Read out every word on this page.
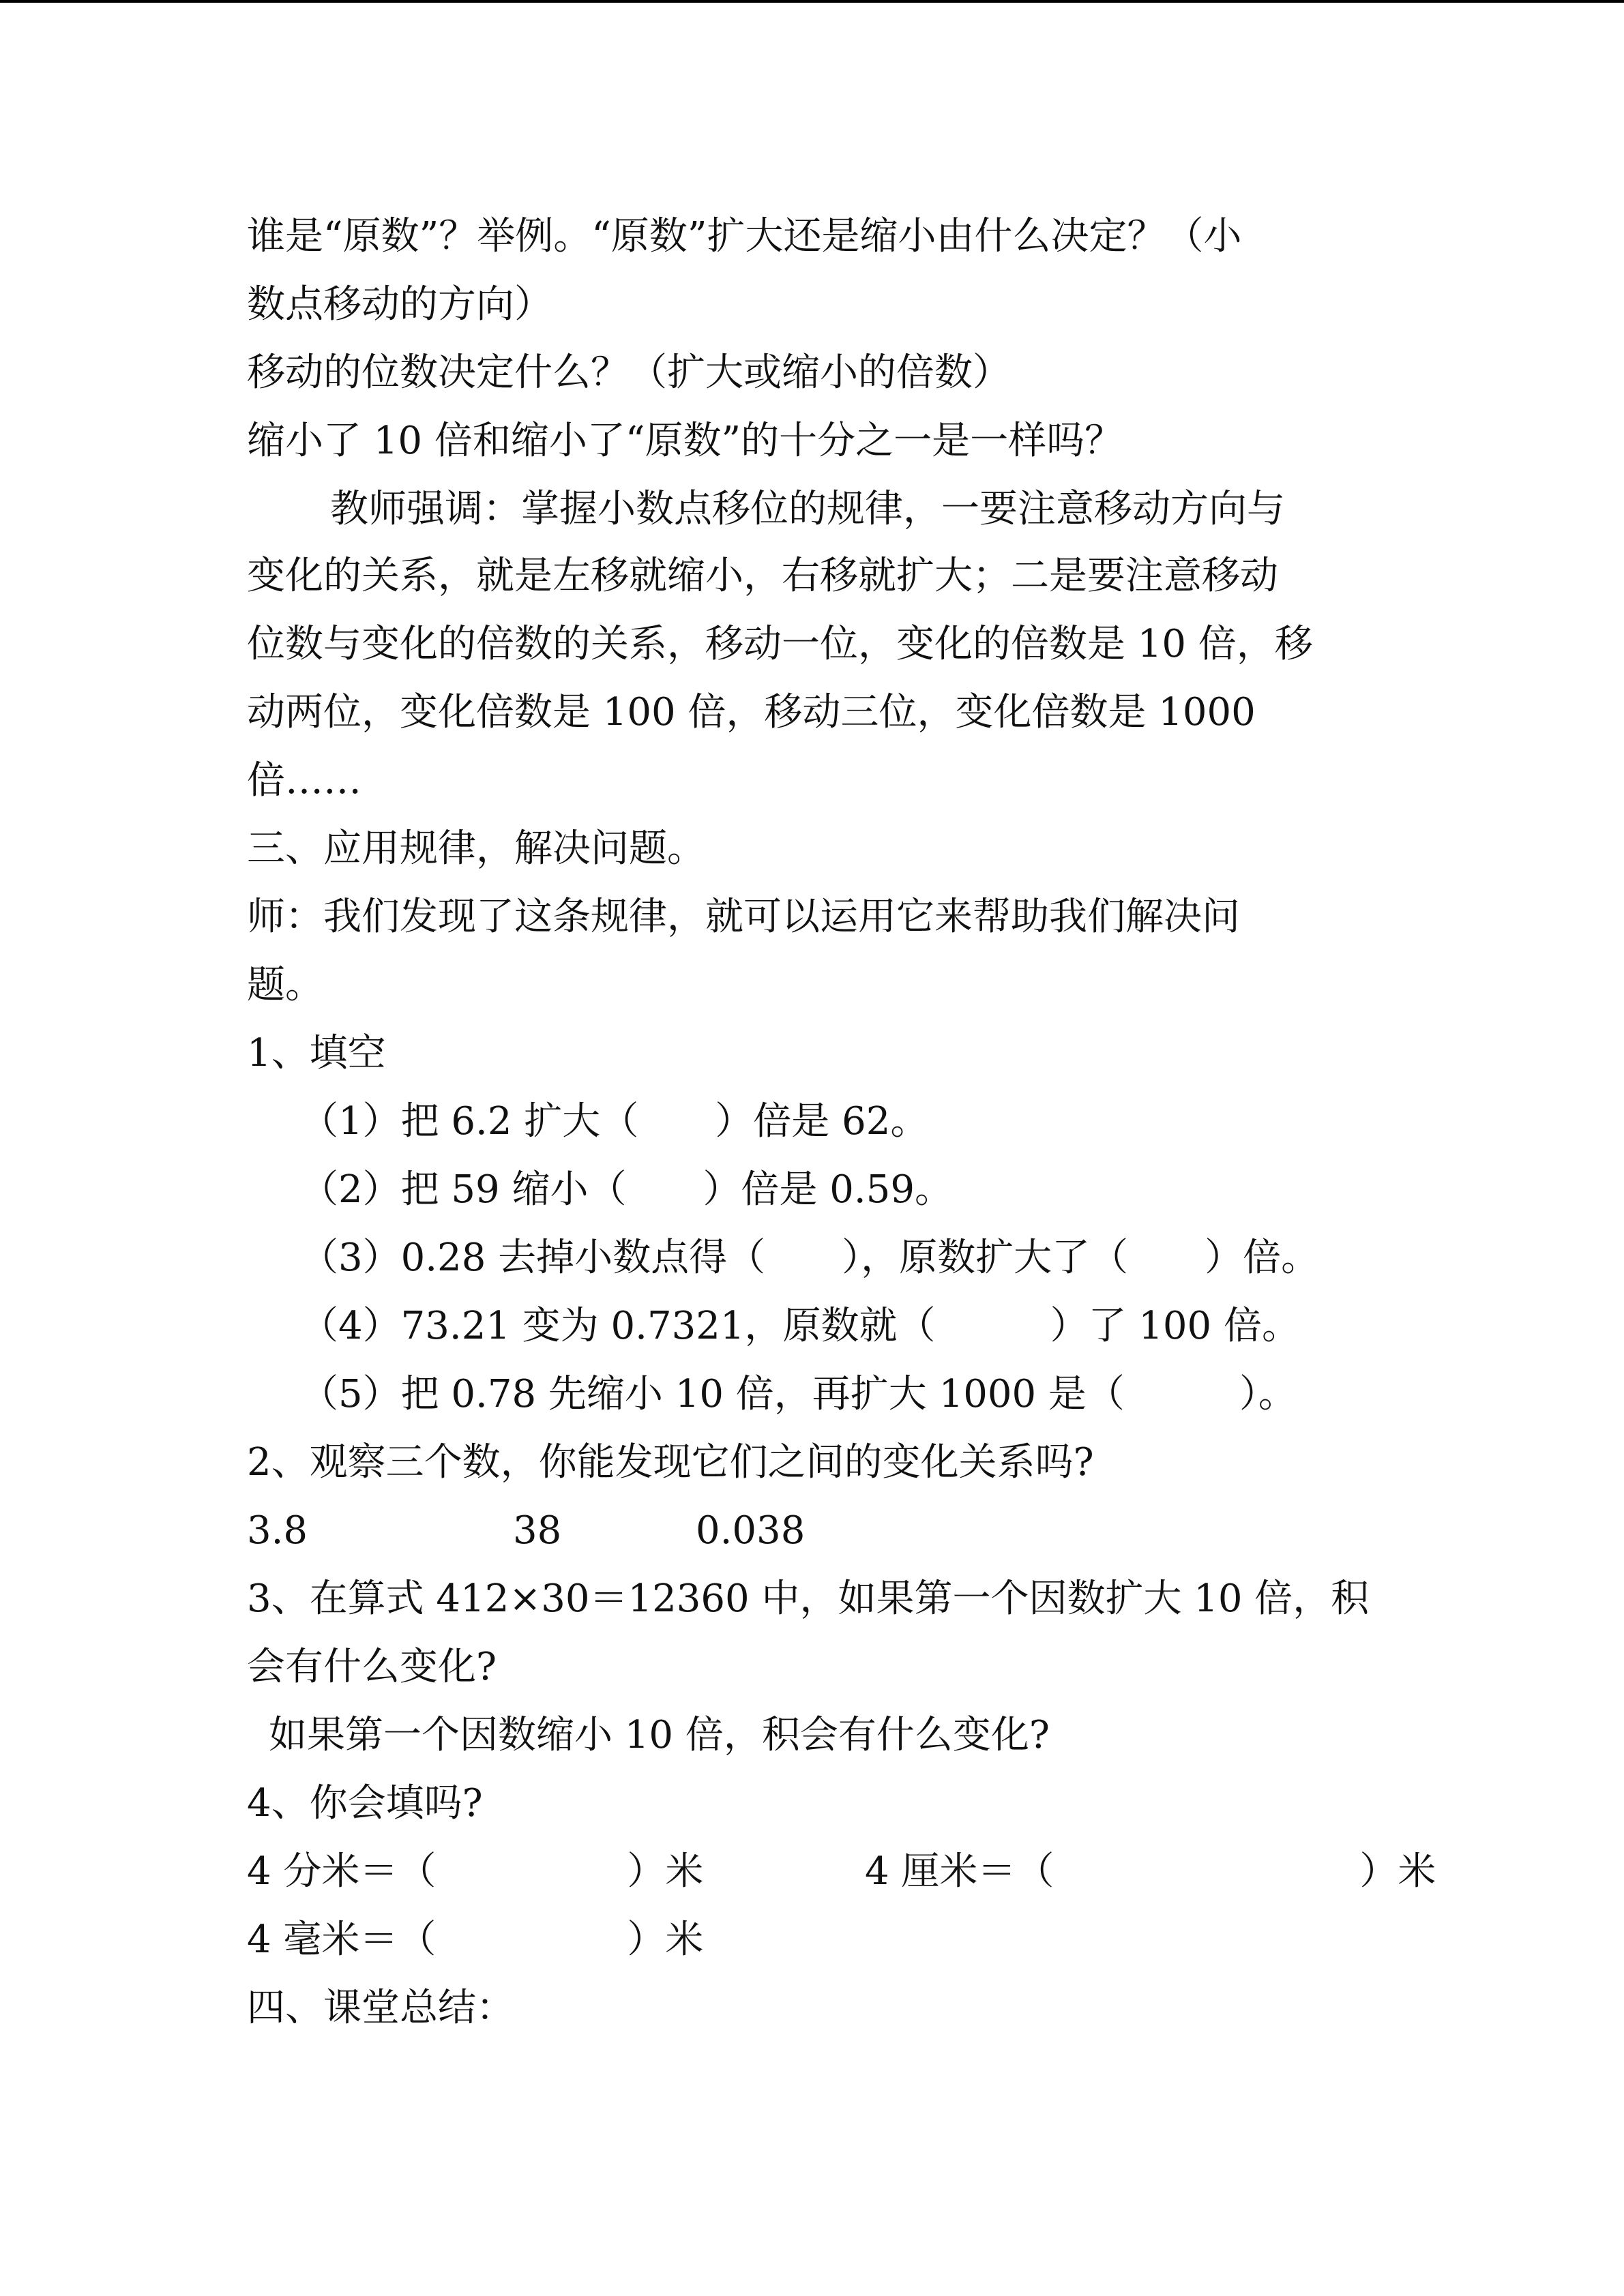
谁是“原数”？举例。“原数”扩大还是缩小由什么决定？（小
数点移动的方向）
移动的位数决定什么？（扩大或缩小的倍数）
缩小了 10 倍和缩小了“原数”的十分之一是一样吗？
教师强调：掌握小数点移位的规律，一要注意移动方向与
变化的关系，就是左移就缩小，右移就扩大；二是要注意移动
位数与变化的倍数的关系，移动一位，变化的倍数是 10 倍，移
动两位，变化倍数是 100 倍，移动三位，变化倍数是 1000
倍……
三、应用规律，解决问题。
师：我们发现了这条规律，就可以运用它来帮助我们解决问
题。
1、填空
（1）把 6.2 扩大（　　）倍是 62。
（2）把 59 缩小（　　）倍是 0.59。
（3）0.28 去掉小数点得（　　），原数扩大了（　　）倍。
（4）73.21 变为 0.7321，原数就（　　　）了 100 倍。
（5）把 0.78 先缩小 10 倍，再扩大 1000 是（　　　）。
2、观察三个数，你能发现它们之间的变化关系吗?
3.8	38	0.038
3、在算式 412×30＝12360 中，如果第一个因数扩大 10 倍，积
会有什么变化?
如果第一个因数缩小 10 倍，积会有什么变化?
4、你会填吗?
4 分米＝（　　　　　）米	4 厘米＝（　　　　　　　　）米
4 毫米＝（　　　　　）米
四、课堂总结：
